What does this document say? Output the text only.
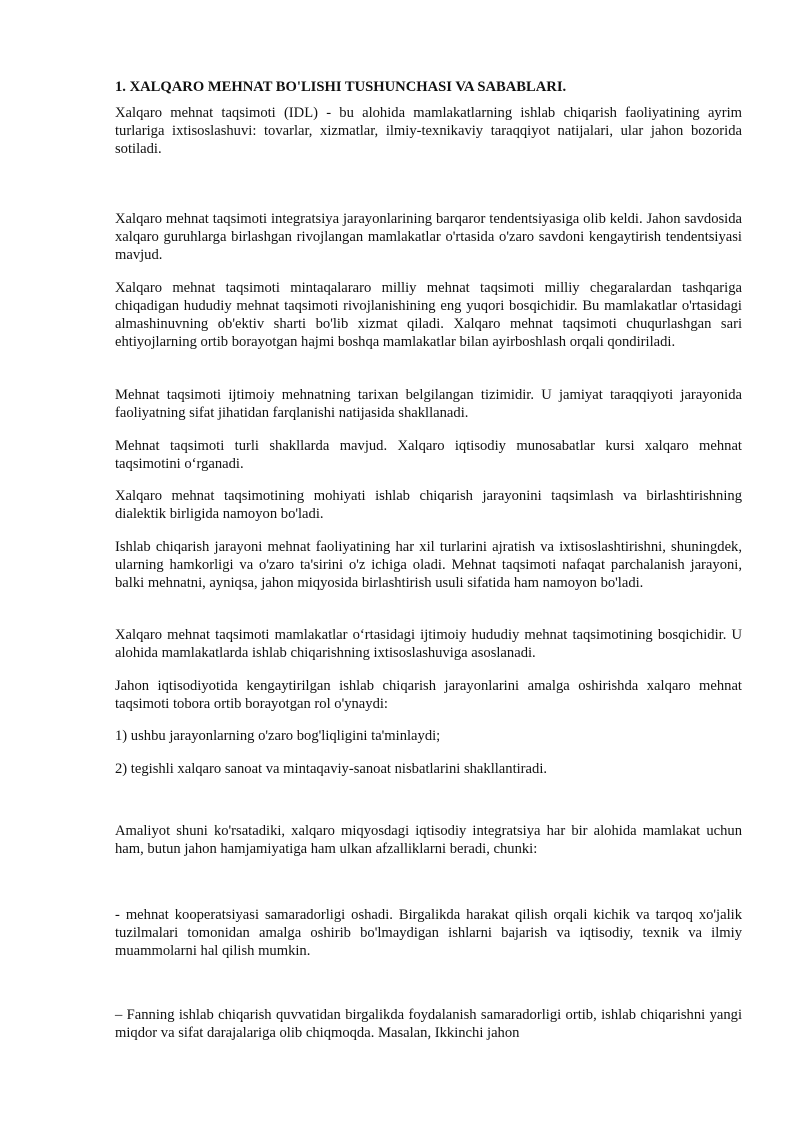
1. XALQARO MEHNAT BO'LISHI TUSHUNCHASI VA SABABLARI.

Xalqaro mehnat taqsimoti (IDL) - bu alohida mamlakatlarning ishlab chiqarish faoliyatining ayrim turlariga ixtisoslashuvi: tovarlar, xizmatlar, ilmiy-texnikaviy taraqqiyot natijalari, ular jahon bozorida sotiladi.

Xalqaro mehnat taqsimoti integratsiya jarayonlarining barqaror tendentsiyasiga olib keldi. Jahon savdosida xalqaro guruhlarga birlashgan rivojlangan mamlakatlar o'rtasida o'zaro savdoni kengaytirish tendentsiyasi mavjud.

Xalqaro mehnat taqsimoti mintaqalararo milliy mehnat taqsimoti milliy chegaralardan tashqariga chiqadigan hududiy mehnat taqsimoti rivojlanishining eng yuqori bosqichidir. Bu mamlakatlar o'rtasidagi almashinuvning ob'ektiv sharti bo'lib xizmat qiladi. Xalqaro mehnat taqsimoti chuqurlashgan sari ehtiyojlarning ortib borayotgan hajmi boshqa mamlakatlar bilan ayirboshlash orqali qondiriladi.

Mehnat taqsimoti ijtimoiy mehnatning tarixan belgilangan tizimidir. U jamiyat taraqqiyoti jarayonida faoliyatning sifat jihatidan farqlanishi natijasida shakllanadi.

Mehnat taqsimoti turli shakllarda mavjud. Xalqaro iqtisodiy munosabatlar kursi xalqaro mehnat taqsimotini o‘rganadi.

Xalqaro mehnat taqsimotining mohiyati ishlab chiqarish jarayonini taqsimlash va birlashtirishning dialektik birligida namoyon bo'ladi.

Ishlab chiqarish jarayoni mehnat faoliyatining har xil turlarini ajratish va ixtisoslashtirishni, shuningdek, ularning hamkorligi va o'zaro ta'sirini o'z ichiga oladi. Mehnat taqsimoti nafaqat parchalanish jarayoni, balki mehnatni, ayniqsa, jahon miqyosida birlashtirish usuli sifatida ham namoyon bo'ladi.

Xalqaro mehnat taqsimoti mamlakatlar o‘rtasidagi ijtimoiy hududiy mehnat taqsimotining bosqichidir. U alohida mamlakatlarda ishlab chiqarishning ixtisoslashuviga asoslanadi.

Jahon iqtisodiyotida kengaytirilgan ishlab chiqarish jarayonlarini amalga oshirishda xalqaro mehnat taqsimoti tobora ortib borayotgan rol o'ynaydi:

1) ushbu jarayonlarning o'zaro bog'liqligini ta'minlaydi;

2) tegishli xalqaro sanoat va mintaqaviy-sanoat nisbatlarini shakllantiradi.

Amaliyot shuni ko'rsatadiki, xalqaro miqyosdagi iqtisodiy integratsiya har bir alohida mamlakat uchun ham, butun jahon hamjamiyatiga ham ulkan afzalliklarni beradi, chunki:

- mehnat kooperatsiyasi samaradorligi oshadi. Birgalikda harakat qilish orqali kichik va tarqoq xo'jalik tuzilmalari tomonidan amalga oshirib bo'lmaydigan ishlarni bajarish va iqtisodiy, texnik va ilmiy muammolarni hal qilish mumkin.

– Fanning ishlab chiqarish quvvatidan birgalikda foydalanish samaradorligi ortib, ishlab chiqarishni yangi miqdor va sifat darajalariga olib chiqmoqda. Masalan, Ikkinchi jahon
